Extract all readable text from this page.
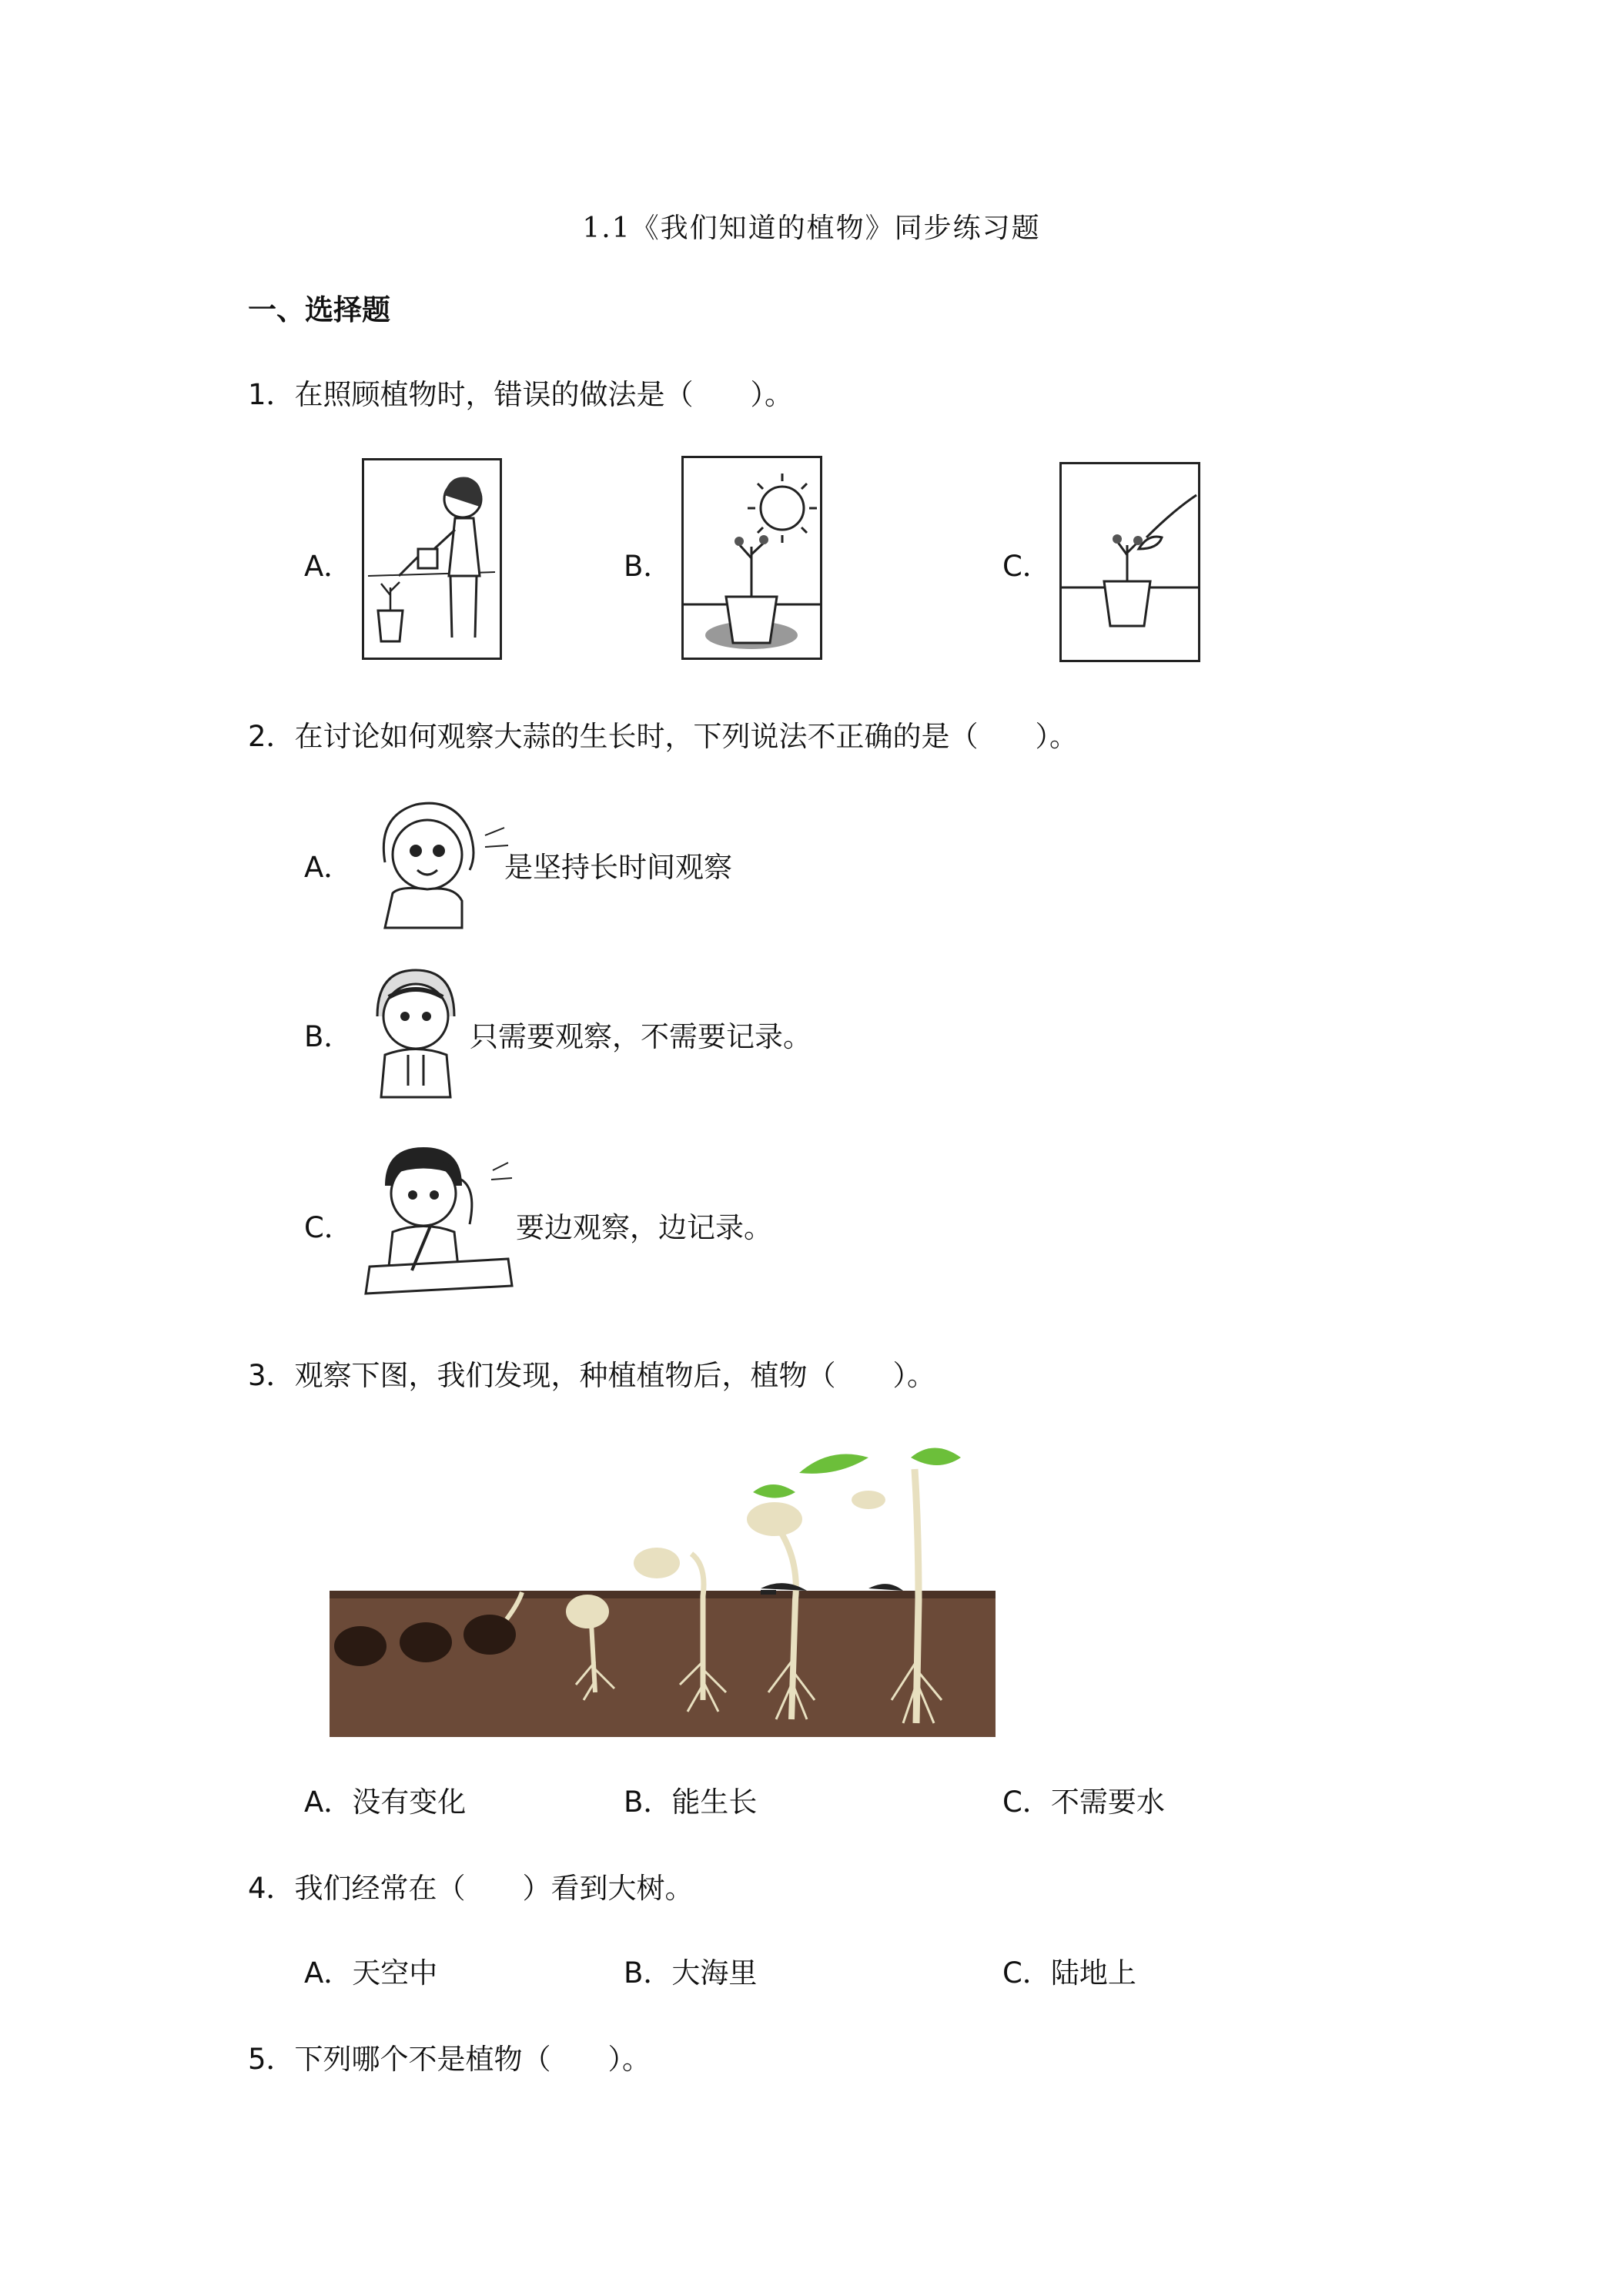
1.1《我们知道的植物》同步练习题
一、选择题
1．在照顾植物时，错误的做法是（　　）。
A．	B．	C．
2．在讨论如何观察大蒜的生长时，下列说法不正确的是（　　）。
A．	是坚持长时间观察
B．	只需要观察，不需要记录。
C．	要边观察，边记录。
3．观察下图，我们发现，种植植物后，植物（　　）。
A．没有变化	B．能生长	C．不需要水
4．我们经常在（　　）看到大树。
A．天空中	B．大海里	C．陆地上
5．下列哪个不是植物（　　）。
